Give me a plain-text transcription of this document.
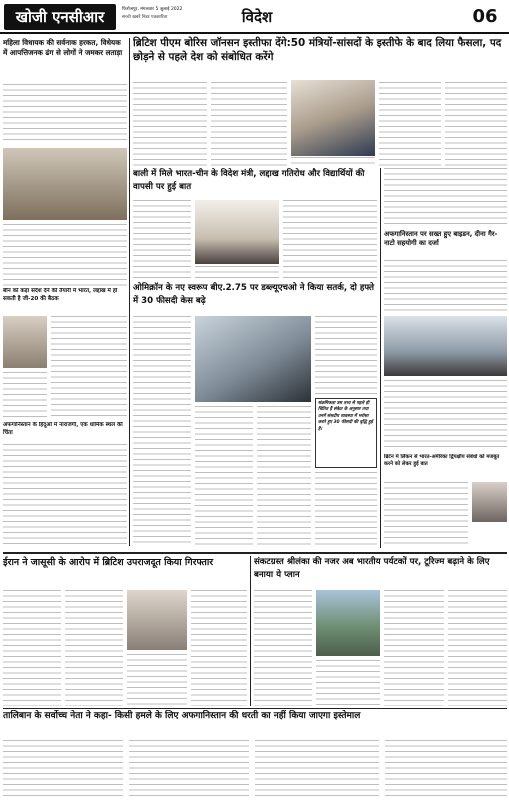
खोजी एनसीआर	फिरोजपुर, मंगलवार 5 जुलाई 2022
सच्ची खबरें निडर पत्रकारिता	विदेश	06
महिला विधायक की सर्वनाक हरकत, विधेयक में आपत्तिजनक ढंग से लोगों ने जमकर लताड़ा
बीन को कड़ा संदेश देने की तैयारी में भारत, लद्दाख में हो सकती है जी-20 की बैठक
अफगानिस्तान के हिंदूओं में नाराजगी, एक धार्मिक स्थल की चिंता
ब्रिटिश पीएम बोरिस जॉनसन इस्तीफा देंगे:50 मंत्रियों-सांसदों के इस्तीफे के बाद लिया फैसला, पद छोड़ने से पहले देश को संबोधित करेंगे
बाली में मिले भारत-चीन के विदेश मंत्री, लद्दाख गतिरोध और विद्यार्थियों की वापसी पर हुई बात
ओमिक्रॉन के नए स्वरूप बीए.2.75 पर डब्ल्यूएचओ ने किया सतर्क, दो हफ्ते में 30 फीसदी केस बढ़े
संक्रमिकता उस तथ्य से पहले ही चिंतित हैं संकेत के अनुसार तथा उनमें संसदीय व्यवस्था में भरोसा करते हुए 30 फीसदी की वृद्धि हुई है।
अफगानिस्तान पर सख्त हुए बाइडन, दीना गैर-नाटो सहयोगी का दर्जा
ब्रिटेन में लिंकन से भारत-अमेरिका द्विपक्षीय संबंधों को मजबूत करने को लेकर हुई बात
ईरान ने जासूसी के आरोप में ब्रिटिश उपराजदूत किया गिरफ्तार	संकटग्रस्त श्रीलंका की नजर अब भारतीय पर्यटकों पर, टूरिज्म बढ़ाने के लिए बनाया ये प्लान
तालिबान के सर्वोच्च नेता ने कहा- किसी हमले के लिए अफगानिस्तान की धरती का नहीं किया जाएगा इस्तेमाल
